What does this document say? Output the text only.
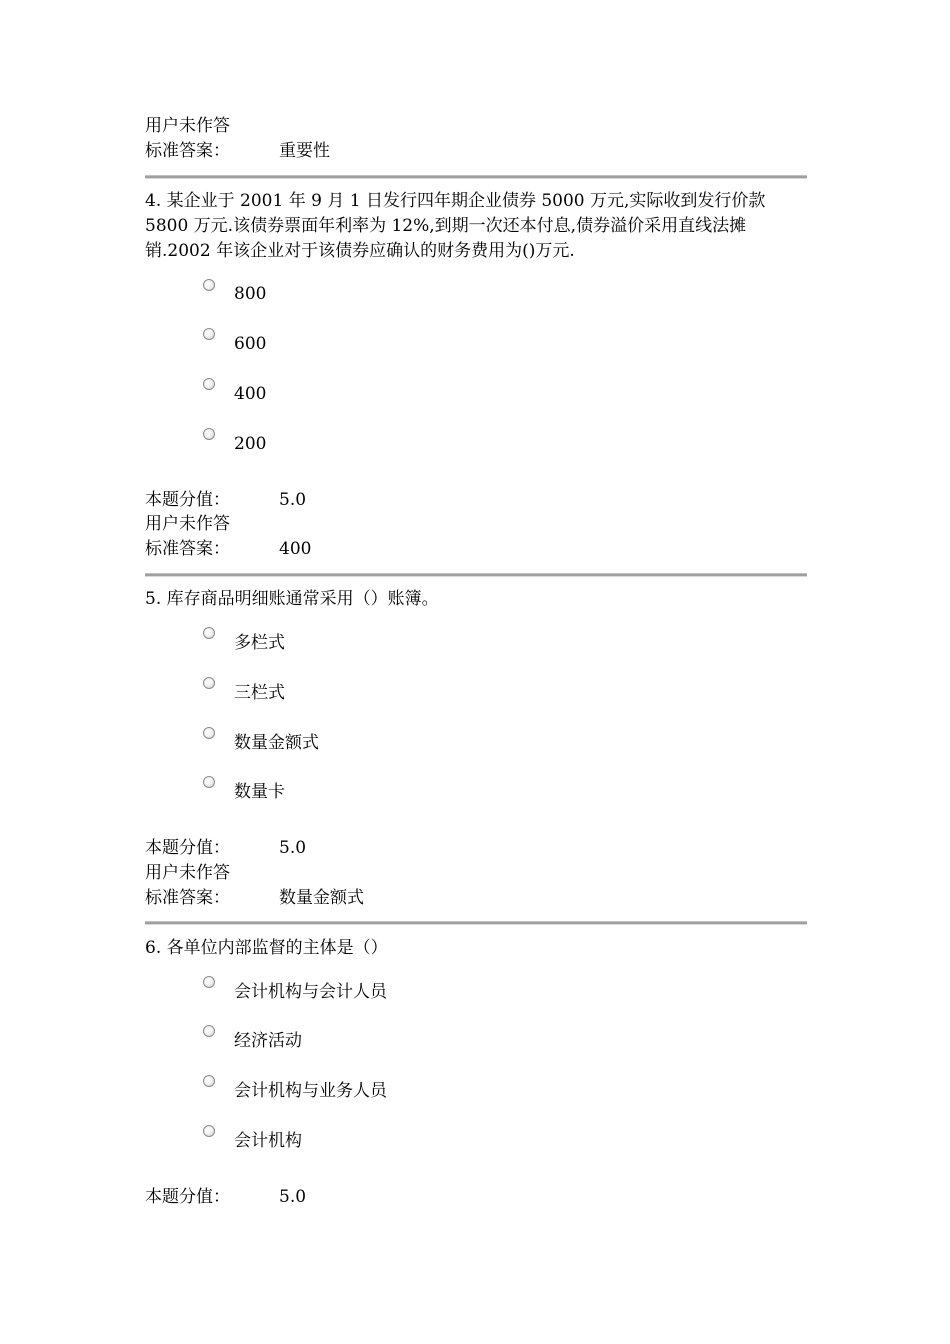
用户未作答
标准答案：	重要性
4. 某企业于 2001 年 9 月 1 日发行四年期企业债券 5000 万元,实际收到发行价款 5800 万元.该债券票面年利率为 12%,到期一次还本付息,债券溢价采用直线法摊销.2002 年该企业对于该债券应确认的财务费用为()万元.
800
600
400
200
本题分值：	5.0
用户未作答
标准答案：	400
5. 库存商品明细账通常采用（）账簿。
多栏式
三栏式
数量金额式
数量卡
本题分值：	5.0
用户未作答
标准答案：	数量金额式
6. 各单位内部监督的主体是（）
会计机构与会计人员
经济活动
会计机构与业务人员
会计机构
本题分值：	5.0
